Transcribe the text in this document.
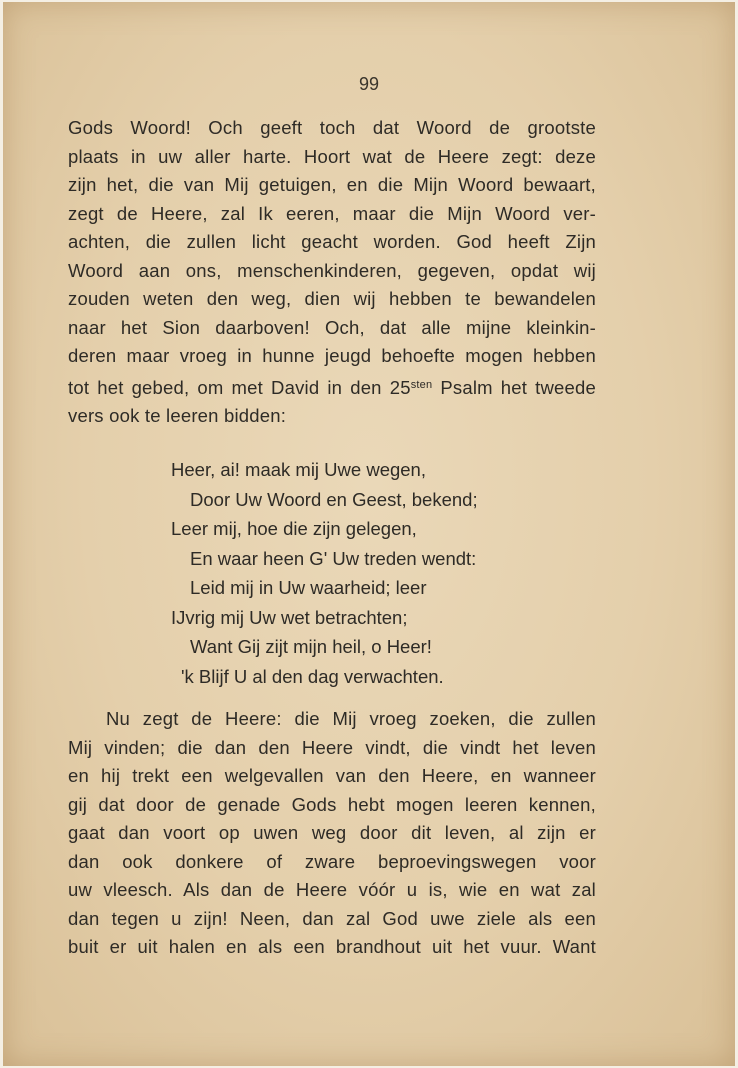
99
Gods Woord! Och geeft toch dat Woord de grootste
plaats in uw aller harte. Hoort wat de Heere zegt: deze
zijn het, die van Mij getuigen, en die Mijn Woord bewaart,
zegt de Heere, zal Ik eeren, maar die Mijn Woord ver-
achten, die zullen licht geacht worden. God heeft Zijn
Woord aan ons, menschenkinderen, gegeven, opdat wij
zouden weten den weg, dien wij hebben te bewandelen
naar het Sion daarboven! Och, dat alle mijne kleinkin-
deren maar vroeg in hunne jeugd behoefte mogen hebben
tot het gebed, om met David in den $25^{sten}$ Psalm het tweede
vers ook te leeren bidden:
Heer, ai! maak mij Uwe wegen,
Door Uw Woord en Geest, bekend;
Leer mij, hoe die zijn gelegen,
En waar heen G' Uw treden wendt:
Leid mij in Uw waarheid; leer
IJvrig mij Uw wet betrachten;
Want Gij zijt mijn heil, o Heer!
'k Blijf U al den dag verwachten.
Nu zegt de Heere: die Mij vroeg zoeken, die zullen
Mij vinden; die dan den Heere vindt, die vindt het leven
en hij trekt een welgevallen van den Heere, en wanneer
gij dat door de genade Gods hebt mogen leeren kennen,
gaat dan voort op uwen weg door dit leven, al zijn er
dan ook donkere of zware beproevingswegen voor
uw vleesch. Als dan de Heere vóór u is, wie en wat zal
dan tegen u zijn! Neen, dan zal God uwe ziele als een
buit er uit halen en als een brandhout uit het vuur. Want
